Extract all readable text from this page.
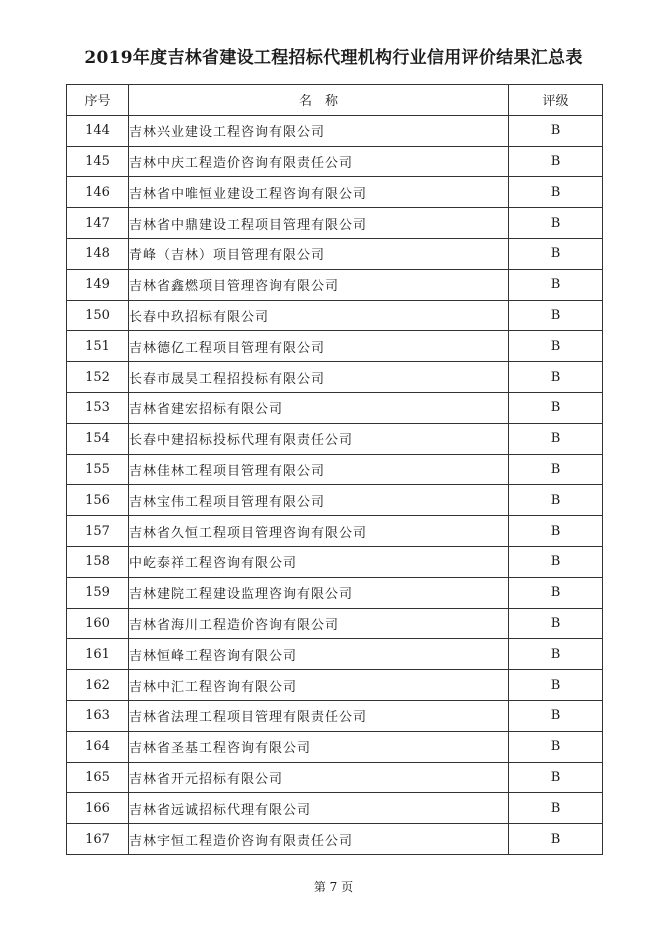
2019年度吉林省建设工程招标代理机构行业信用评价结果汇总表
序号	名　称	评级
144	吉林兴业建设工程咨询有限公司	B
145	吉林中庆工程造价咨询有限责任公司	B
146	吉林省中唯恒业建设工程咨询有限公司	B
147	吉林省中鼎建设工程项目管理有限公司	B
148	青峰（吉林）项目管理有限公司	B
149	吉林省鑫燃项目管理咨询有限公司	B
150	长春中玖招标有限公司	B
151	吉林德亿工程项目管理有限公司	B
152	长春市晟昊工程招投标有限公司	B
153	吉林省建宏招标有限公司	B
154	长春中建招标投标代理有限责任公司	B
155	吉林佳林工程项目管理有限公司	B
156	吉林宝伟工程项目管理有限公司	B
157	吉林省久恒工程项目管理咨询有限公司	B
158	中屹泰祥工程咨询有限公司	B
159	吉林建院工程建设监理咨询有限公司	B
160	吉林省海川工程造价咨询有限公司	B
161	吉林恒峰工程咨询有限公司	B
162	吉林中汇工程咨询有限公司	B
163	吉林省法理工程项目管理有限责任公司	B
164	吉林省圣基工程咨询有限公司	B
165	吉林省开元招标有限公司	B
166	吉林省远诚招标代理有限公司	B
167	吉林宇恒工程造价咨询有限责任公司	B
第 7 页
